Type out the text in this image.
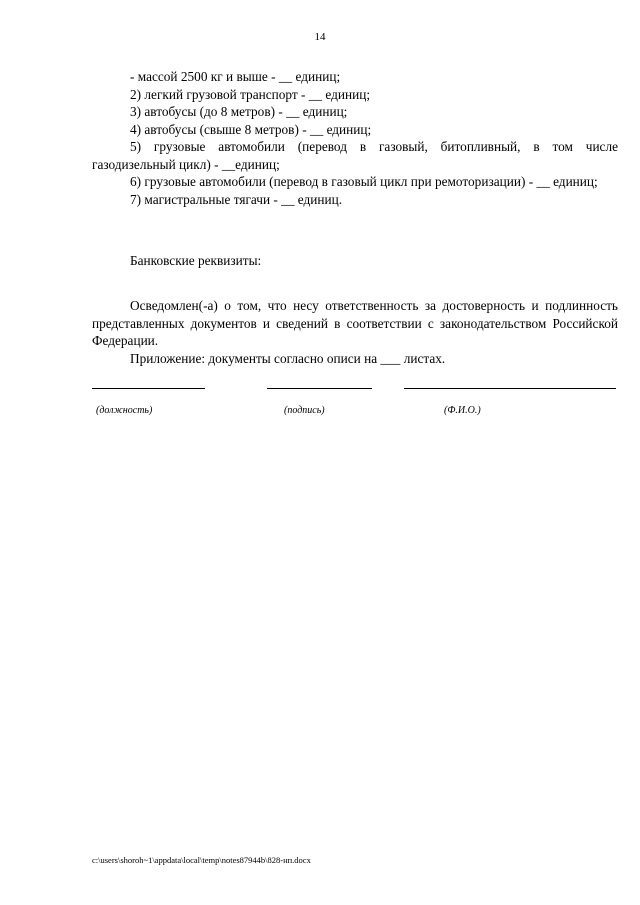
14

- массой 2500 кг и выше - __ единиц;

2) легкий грузовой транспорт - __ единиц;

3) автобусы (до 8 метров) - __ единиц;

4) автобусы (свыше 8 метров) - __ единиц;

5) грузовые автомобили (перевод в газовый, битопливный, в том числе газодизельный цикл) - __единиц;

6) грузовые автомобили (перевод в газовый цикл при ремоторизации) - __ единиц;

7) магистральные тягачи - __ единиц.

Банковские реквизиты:

Осведомлен(-а) о том, что несу ответственность за достоверность и подлинность представленных документов и сведений в соответствии с законодательством Российской Федерации.

Приложение: документы согласно описи на ___ листах.

(должность)	(подпись)	(Ф.И.О.)
c:\users\shoroh~1\appdata\local\temp\notes87944b\828-нп.docx
